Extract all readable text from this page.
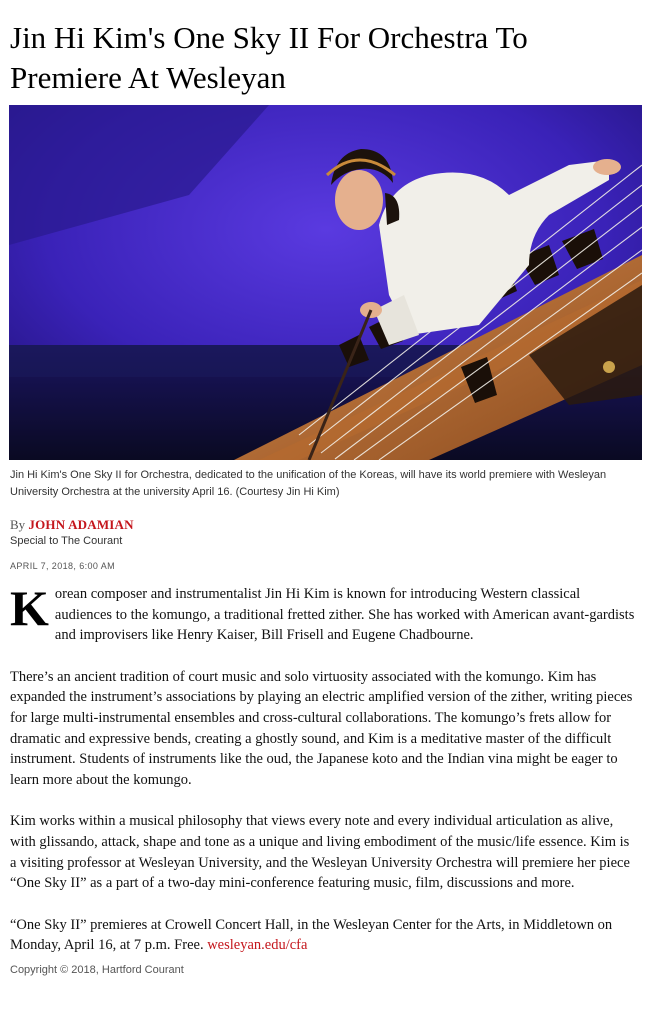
Jin Hi Kim's One Sky II For Orchestra To Premiere At Wesleyan

Jin Hi Kim's One Sky II for Orchestra, dedicated to the unification of the Koreas, will have its world premiere with Wesleyan University Orchestra at the university April 16. (Courtesy Jin Hi Kim)

By JOHN ADAMIAN
Special to The Courant
APRIL 7, 2018, 6:00 AM

Korean composer and instrumentalist Jin Hi Kim is known for introducing Western classical audiences to the komungo, a traditional fretted zither. She has worked with American avant-gardists and improvisers like Henry Kaiser, Bill Frisell and Eugene Chadbourne.

There’s an ancient tradition of court music and solo virtuosity associated with the komungo. Kim has expanded the instrument’s associations by playing an electric amplified version of the zither, writing pieces for large multi-instrumental ensembles and cross-cultural collaborations. The komungo’s frets allow for dramatic and expressive bends, creating a ghostly sound, and Kim is a meditative master of the difficult instrument. Students of instruments like the oud, the Japanese koto and the Indian vina might be eager to learn more about the komungo.

Kim works within a musical philosophy that views every note and every individual articulation as alive, with glissando, attack, shape and tone as a unique and living embodiment of the music/life essence. Kim is a visiting professor at Wesleyan University, and the Wesleyan University Orchestra will premiere her piece “One Sky II” as a part of a two-day mini-conference featuring music, film, discussions and more.

“One Sky II” premieres at Crowell Concert Hall, in the Wesleyan Center for the Arts, in Middletown on Monday, April 16, at 7 p.m. Free. wesleyan.edu/cfa

Copyright © 2018, Hartford Courant
